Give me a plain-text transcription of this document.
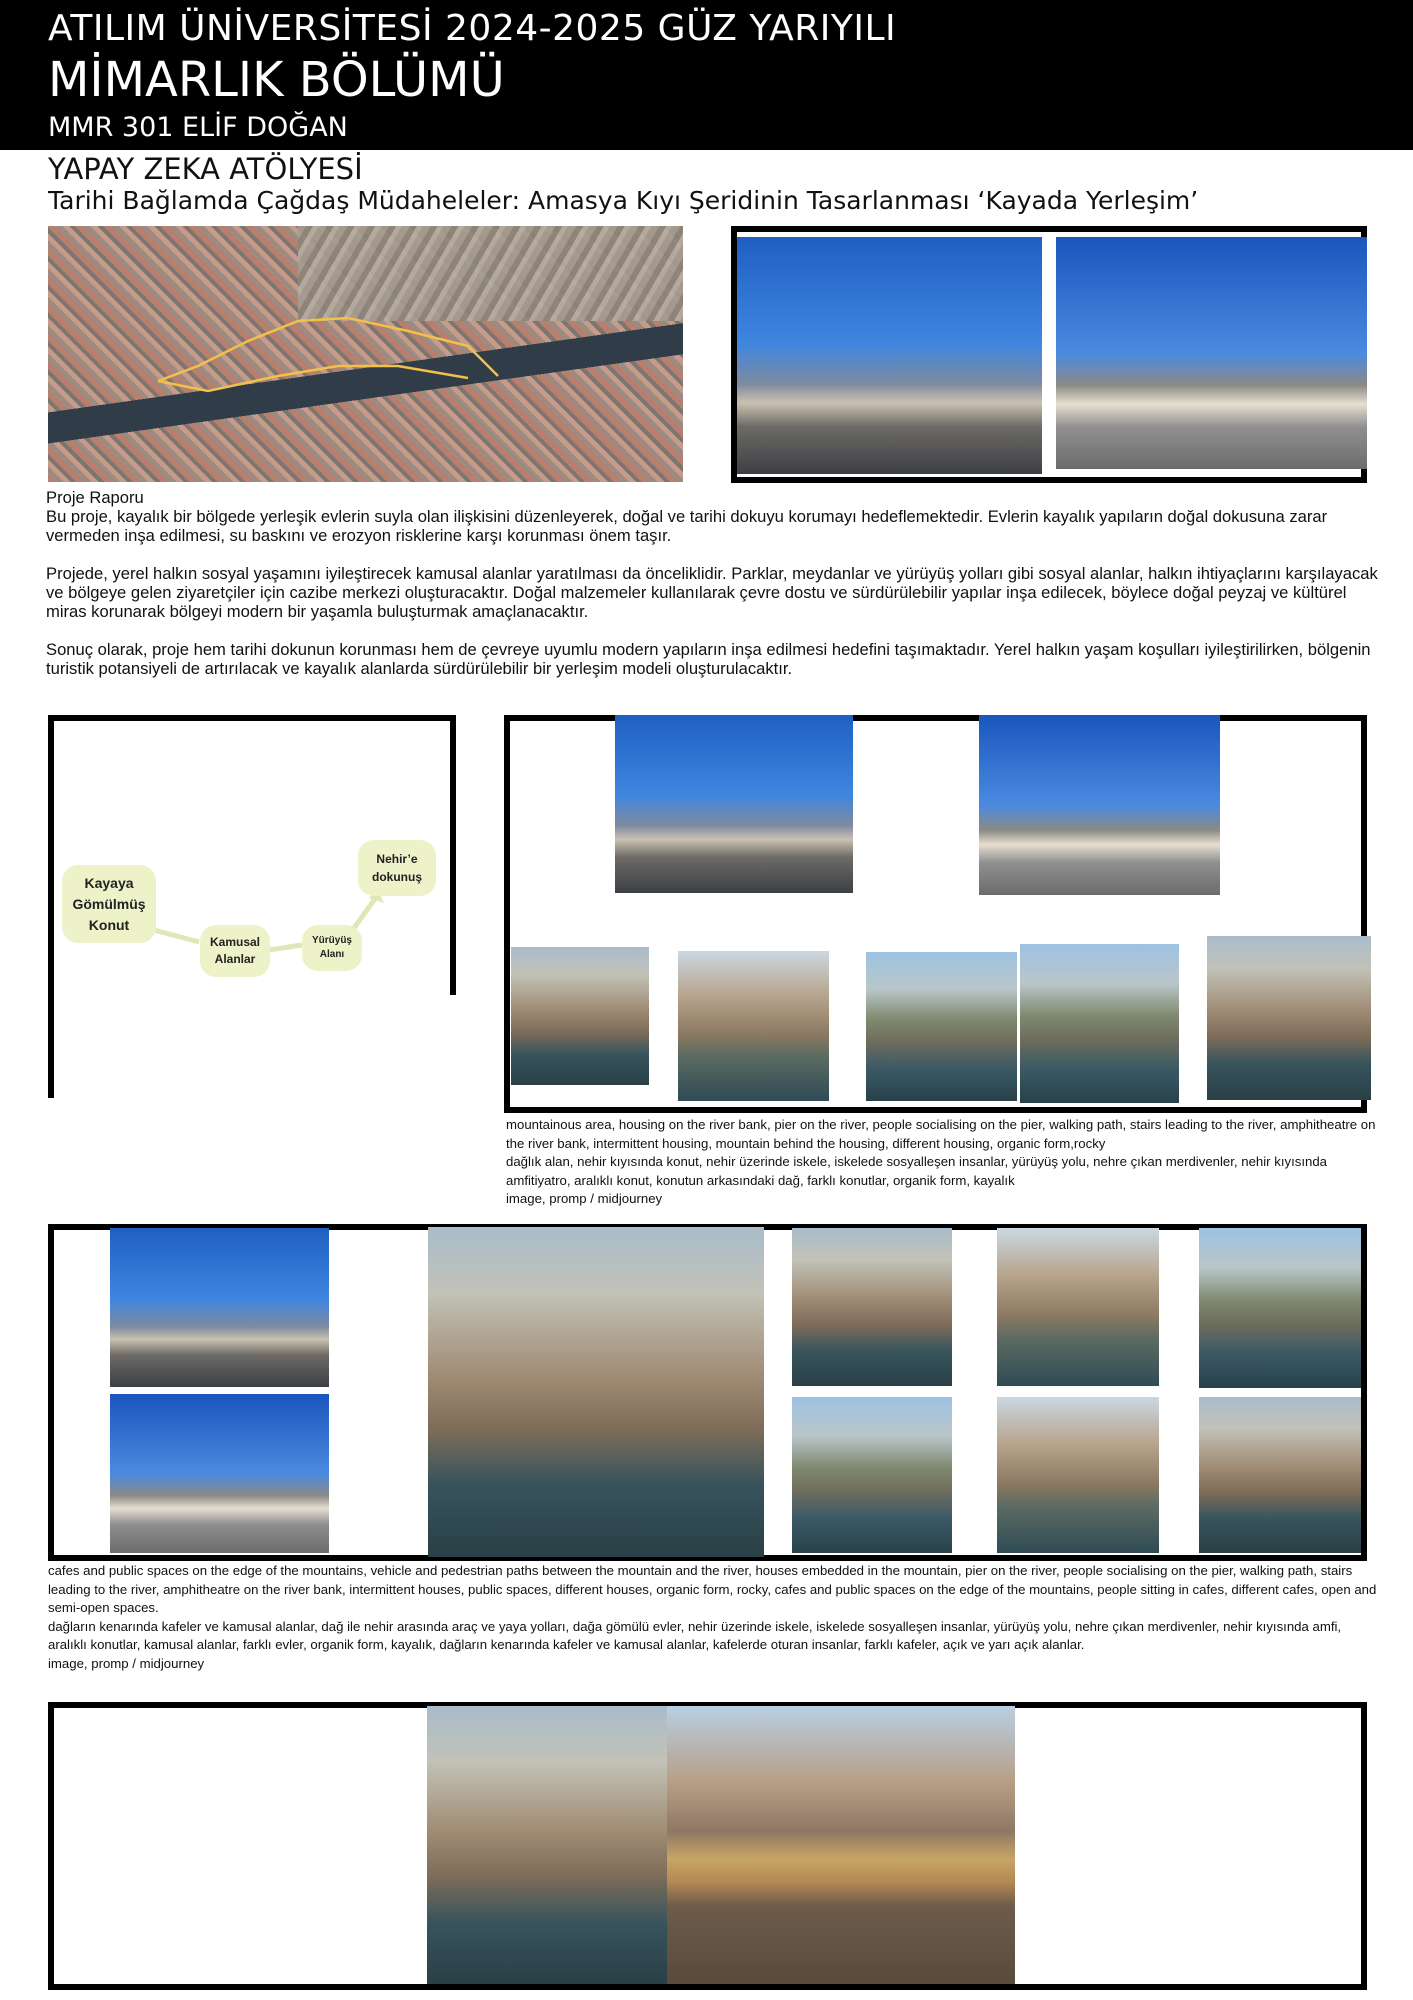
ATILIM ÜNİVERSİTESİ 2024-2025 GÜZ YARIYILI
MİMARLIK BÖLÜMÜ
MMR 301 ELİF DOĞAN
YAPAY ZEKA ATÖLYESİ
Tarihi Bağlamda Çağdaş Müdaheleler: Amasya Kıyı Şeridinin Tasarlanması ‘Kayada Yerleşim’

Proje Raporu

Bu proje, kayalık bir bölgede yerleşik evlerin suyla olan ilişkisini düzenleyerek, doğal ve tarihi dokuyu korumayı hedeflemektedir. Evlerin kayalık yapıların doğal dokusuna zarar vermeden inşa edilmesi, su baskını ve erozyon risklerine karşı korunması önem taşır.

Projede, yerel halkın sosyal yaşamını iyileştirecek kamusal alanlar yaratılması da önceliklidir. Parklar, meydanlar ve yürüyüş yolları gibi sosyal alanlar, halkın ihtiyaçlarını karşılayacak ve bölgeye gelen ziyaretçiler için cazibe merkezi oluşturacaktır. Doğal malzemeler kullanılarak çevre dostu ve sürdürülebilir yapılar inşa edilecek, böylece doğal peyzaj ve kültürel miras korunarak bölgeyi modern bir yaşamla buluşturmak amaçlanacaktır.

Sonuç olarak, proje hem tarihi dokunun korunması hem de çevreye uyumlu modern yapıların inşa edilmesi hedefini taşımaktadır. Yerel halkın yaşam koşulları iyileştirilirken, bölgenin turistik potansiyeli de artırılacak ve kayalık alanlarda sürdürülebilir bir yerleşim modeli oluşturulacaktır.

Kayaya Gömülmüş Konut
Kamusal Alanlar
Yürüyüş Alanı
Nehir’e dokunuş
mountainous area, housing on the river bank, pier on the river, people socialising on the pier, walking path, stairs leading to the river, amphitheatre on the river bank, intermittent housing, mountain behind the housing, different housing, organic form,rocky
dağlık alan, nehir kıyısında konut, nehir üzerinde iskele, iskelede sosyalleşen insanlar, yürüyüş yolu, nehre çıkan merdivenler, nehir kıyısında amfitiyatro, aralıklı konut, konutun arkasındaki dağ, farklı konutlar, organik form, kayalık
image, promp / midjourney
cafes and public spaces on the edge of the mountains, vehicle and pedestrian paths between the mountain and the river, houses embedded in the mountain, pier on the river, people socialising on the pier, walking path, stairs leading to the river, amphitheatre on the river bank, intermittent houses, public spaces, different houses, organic form, rocky, cafes and public spaces on the edge of the mountains, people sitting in cafes, different cafes, open and semi-open spaces.
dağların kenarında kafeler ve kamusal alanlar, dağ ile nehir arasında araç ve yaya yolları, dağa gömülü evler, nehir üzerinde iskele, iskelede sosyalleşen insanlar, yürüyüş yolu, nehre çıkan merdivenler, nehir kıyısında amfi, aralıklı konutlar, kamusal alanlar, farklı evler, organik form, kayalık, dağların kenarında kafeler ve kamusal alanlar, kafelerde oturan insanlar, farklı kafeler, açık ve yarı açık alanlar.
image, promp / midjourney
